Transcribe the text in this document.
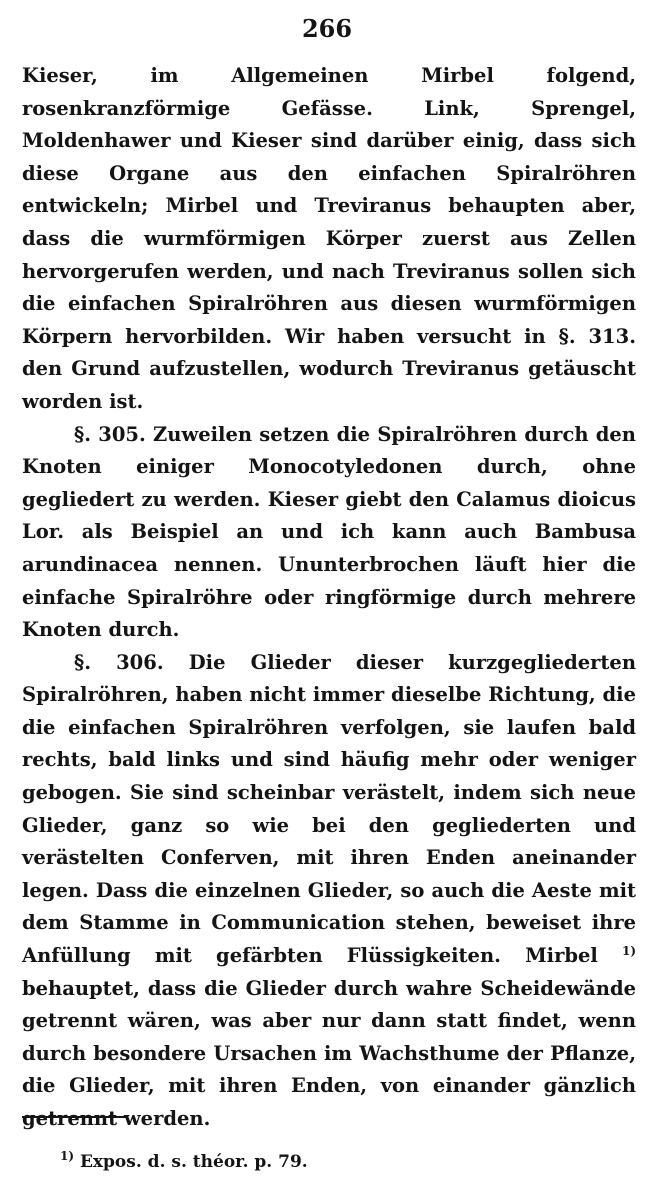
266

Kieser, im Allgemeinen Mirbel folgend, rosenkranzförmige Gefässe. Link, Sprengel, Moldenhawer und Kieser sind darüber einig, dass sich diese Organe aus den einfachen Spiralröhren entwickeln; Mirbel und Treviranus behaupten aber, dass die wurmförmigen Körper zuerst aus Zellen hervorgerufen werden, und nach Treviranus sollen sich die einfachen Spiralröhren aus diesen wurmförmigen Körpern hervorbilden. Wir haben versucht in §. 313. den Grund aufzustellen, wodurch Treviranus getäuscht worden ist.

§. 305. Zuweilen setzen die Spiralröhren durch den Knoten einiger Monocotyledonen durch, ohne gegliedert zu werden. Kieser giebt den Calamus dioicus Lor. als Beispiel an und ich kann auch Bambusa arundinacea nennen. Ununterbrochen läuft hier die einfache Spiralröhre oder ringförmige durch mehrere Knoten durch.

§. 306. Die Glieder dieser kurzgegliederten Spiralröhren, haben nicht immer dieselbe Richtung, die die einfachen Spiralröhren verfolgen, sie laufen bald rechts, bald links und sind häufig mehr oder weniger gebogen. Sie sind scheinbar verästelt, indem sich neue Glieder, ganz so wie bei den gegliederten und verästelten Conferven, mit ihren Enden aneinander legen. Dass die einzelnen Glieder, so auch die Aeste mit dem Stamme in Communication stehen, beweiset ihre Anfüllung mit gefärbten Flüssigkeiten. Mirbel $^{1)}$ behauptet, dass die Glieder durch wahre Scheidewände getrennt wären, was aber nur dann statt findet, wenn durch besondere Ursachen im Wachsthume der Pflanze, die Glieder, mit ihren Enden, von einander gänzlich getrennt werden.

$^{1)}$ Expos. d. s. théor. p. 79.
